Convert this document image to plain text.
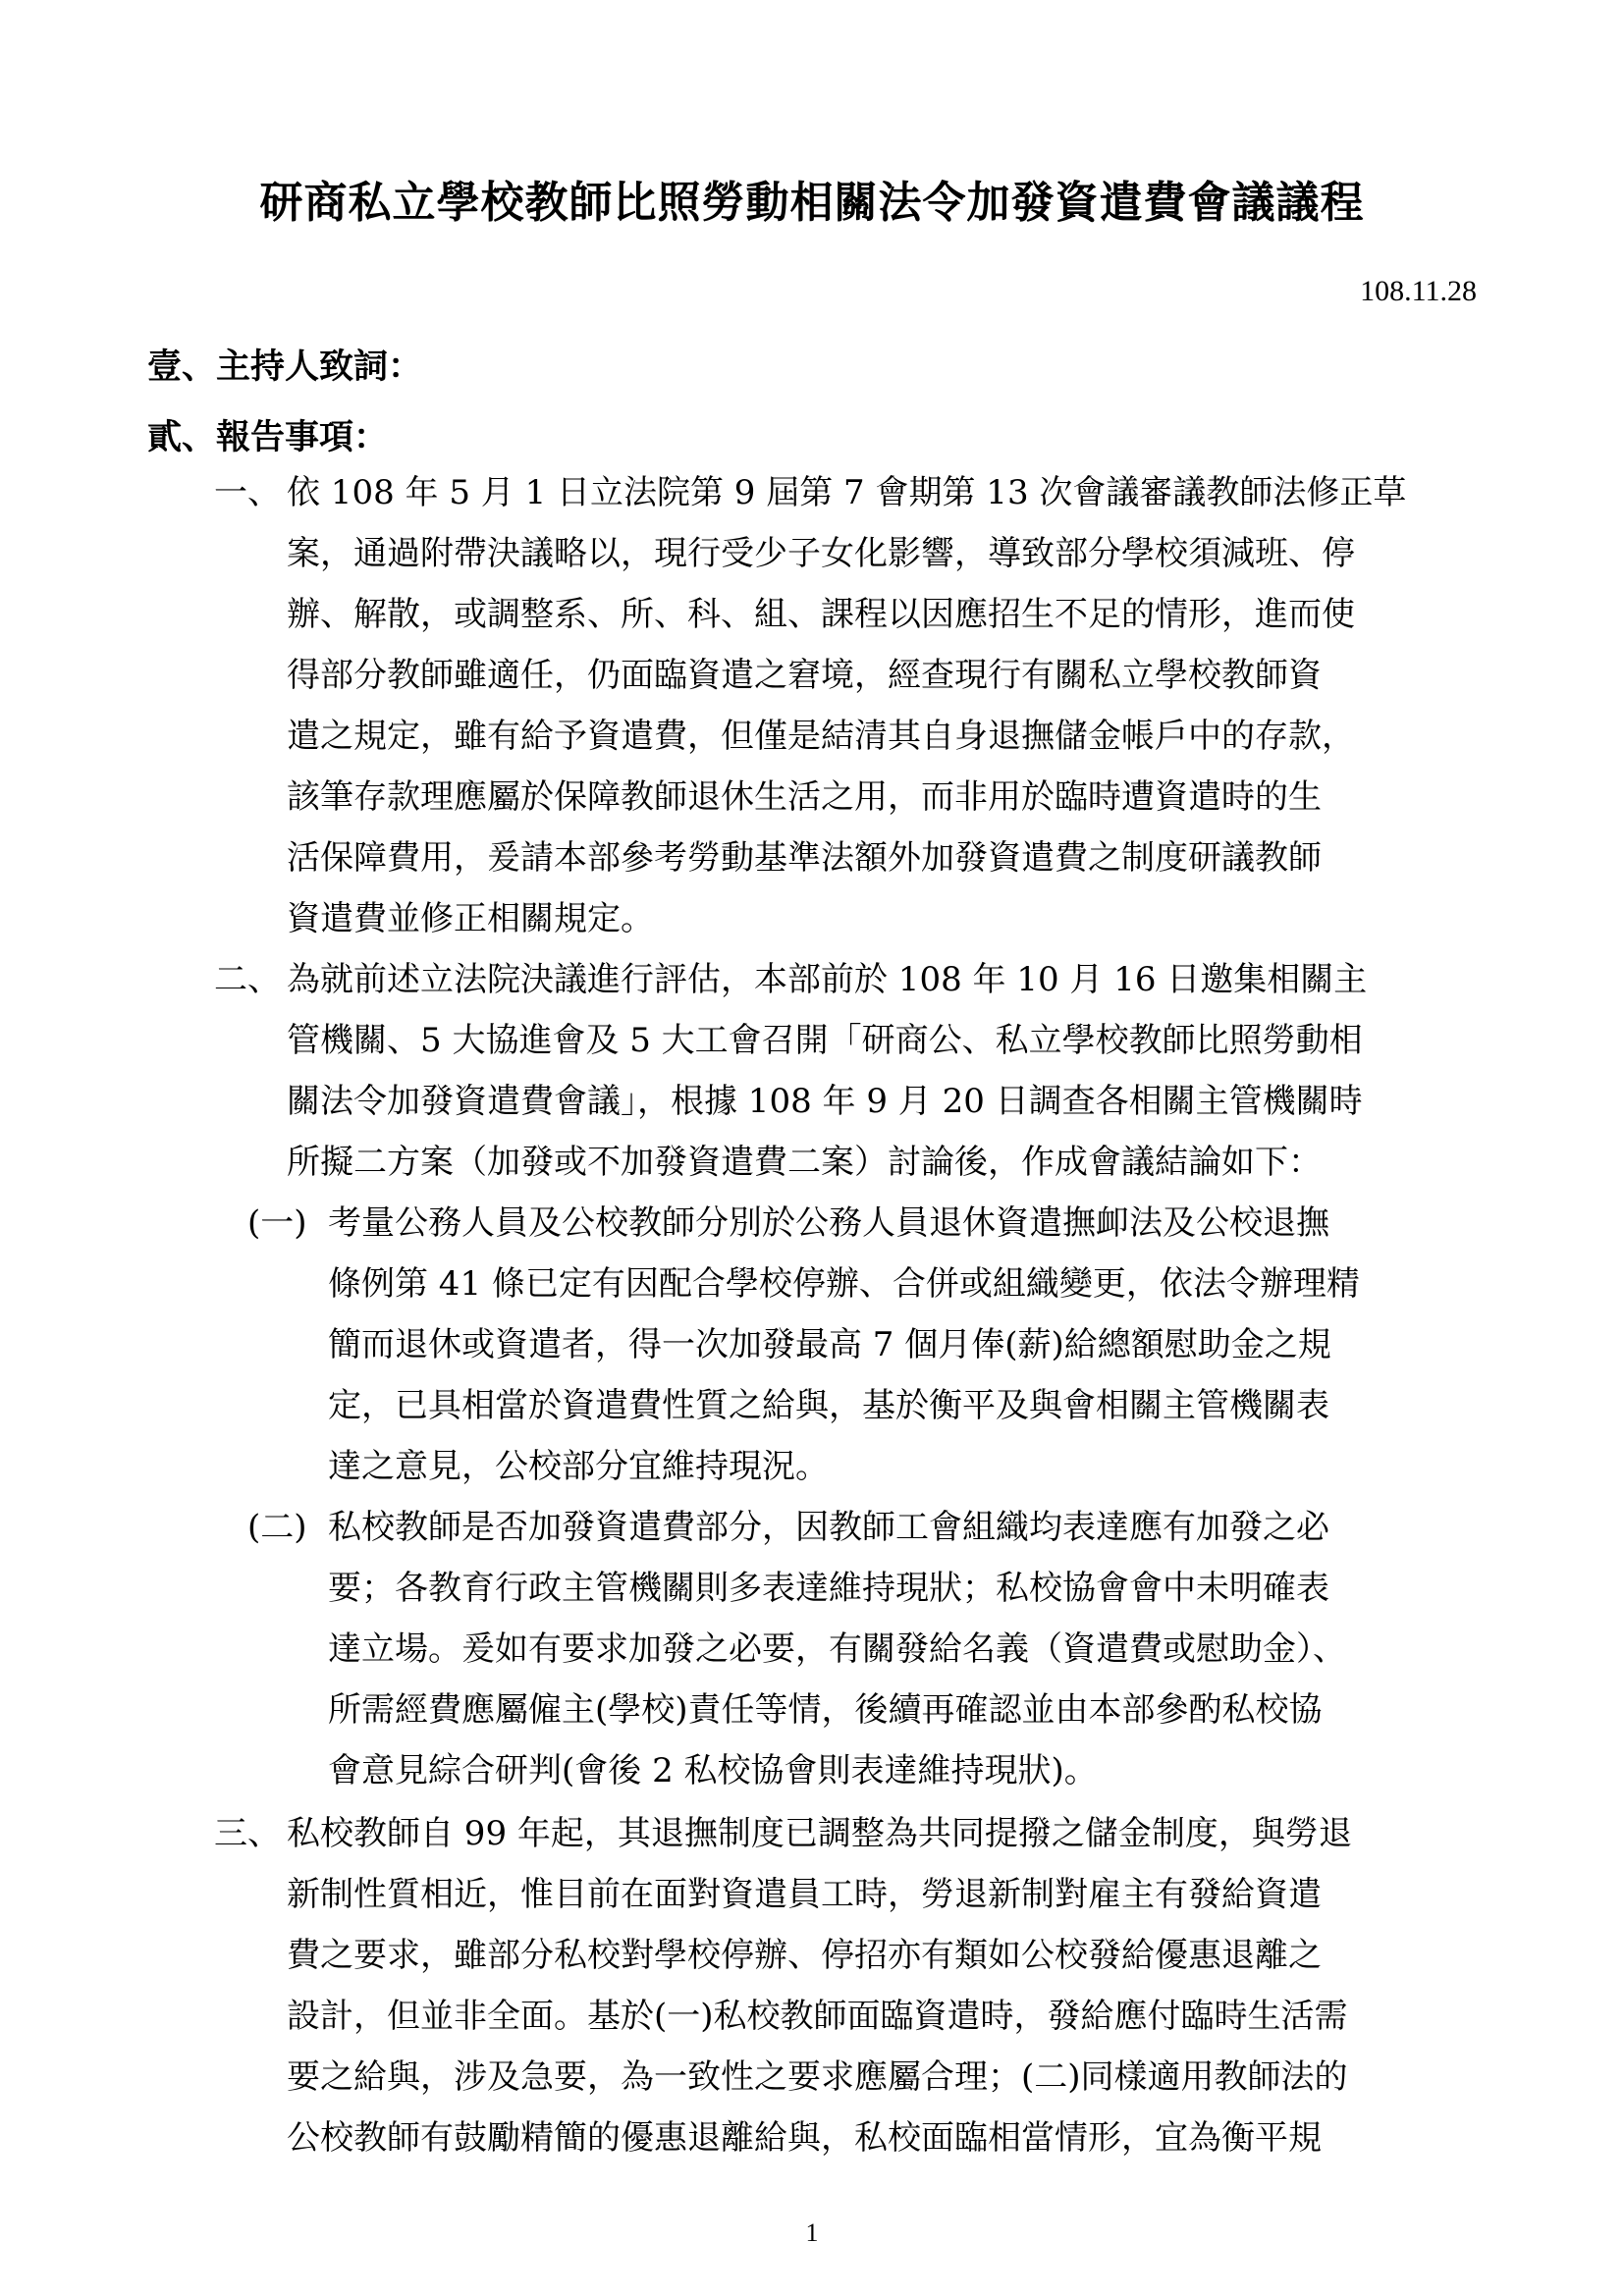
研商私立學校教師比照勞動相關法令加發資遣費會議議程
108.11.28
壹、主持人致詞：
貳、報告事項：
一、 依 108 年 5 月 1 日立法院第 9 屆第 7 會期第 13 次會議審議教師法修正草
案，通過附帶決議略以，現行受少子女化影響，導致部分學校須減班、停
辦、解散，或調整系、所、科、組、課程以因應招生不足的情形，進而使
得部分教師雖適任，仍面臨資遣之窘境，經查現行有關私立學校教師資
遣之規定，雖有給予資遣費，但僅是結清其自身退撫儲金帳戶中的存款，
該筆存款理應屬於保障教師退休生活之用，而非用於臨時遭資遣時的生
活保障費用，爰請本部參考勞動基準法額外加發資遣費之制度研議教師
資遣費並修正相關規定。
二、 為就前述立法院決議進行評估，本部前於 108 年 10 月 16 日邀集相關主
管機關、5 大協進會及 5 大工會召開「研商公、私立學校教師比照勞動相
關法令加發資遣費會議」，根據 108 年 9 月 20 日調查各相關主管機關時
所擬二方案（加發或不加發資遣費二案）討論後，作成會議結論如下：
(一) 考量公務人員及公校教師分別於公務人員退休資遣撫卹法及公校退撫
條例第 41 條已定有因配合學校停辦、合併或組織變更，依法令辦理精
簡而退休或資遣者，得一次加發最高 7 個月俸(薪)給總額慰助金之規
定，已具相當於資遣費性質之給與，基於衡平及與會相關主管機關表
達之意見，公校部分宜維持現況。
(二) 私校教師是否加發資遣費部分，因教師工會組織均表達應有加發之必
要；各教育行政主管機關則多表達維持現狀；私校協會會中未明確表
達立場。爰如有要求加發之必要，有關發給名義（資遣費或慰助金）、
所需經費應屬僱主(學校)責任等情，後續再確認並由本部參酌私校協
會意見綜合研判(會後 2 私校協會則表達維持現狀)。
三、 私校教師自 99 年起，其退撫制度已調整為共同提撥之儲金制度，與勞退
新制性質相近，惟目前在面對資遣員工時，勞退新制對雇主有發給資遣
費之要求，雖部分私校對學校停辦、停招亦有類如公校發給優惠退離之
設計，但並非全面。基於(一)私校教師面臨資遣時，發給應付臨時生活需
要之給與，涉及急要，為一致性之要求應屬合理；(二)同樣適用教師法的
公校教師有鼓勵精簡的優惠退離給與，私校面臨相當情形，宜為衡平規
1
